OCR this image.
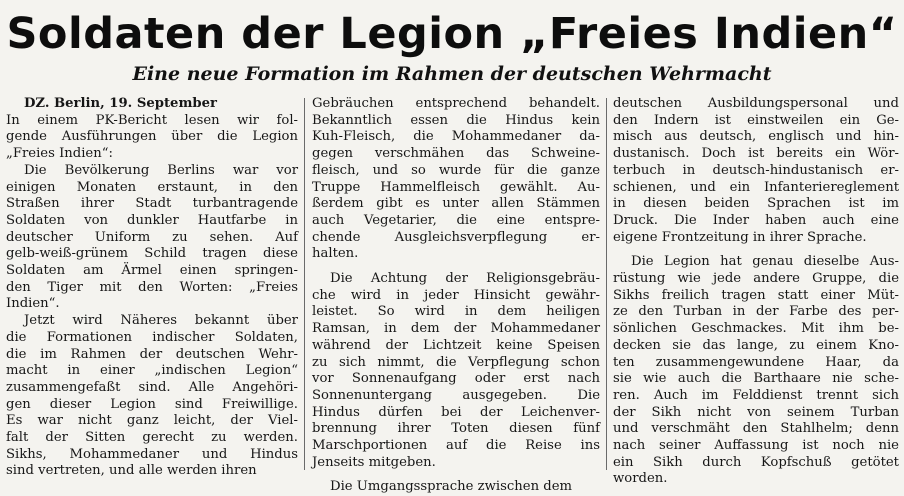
Soldaten der Legion „Freies Indien“
Eine neue Formation im Rahmen der deutschen Wehrmacht
DZ. Berlin, 19. September
In einem PK-Bericht lesen wir fol-
gende Ausführungen über die Legion
„Freies Indien“:
Die Bevölkerung Berlins war vor
einigen Monaten erstaunt, in den
Straßen ihrer Stadt turbantragende
Soldaten von dunkler Hautfarbe in
deutscher Uniform zu sehen. Auf
gelb-weiß-grünem Schild tragen diese
Soldaten am Ärmel einen springen-
den Tiger mit den Worten: „Freies
Indien“.
Jetzt wird Näheres bekannt über
die Formationen indischer Soldaten,
die im Rahmen der deutschen Wehr-
macht in einer „indischen Legion“
zusammengefaßt sind. Alle Angehöri-
gen dieser Legion sind Freiwillige.
Es war nicht ganz leicht, der Viel-
falt der Sitten gerecht zu werden.
Sikhs, Mohammedaner und Hindus
sind vertreten, und alle werden ihren
Gebräuchen entsprechend behandelt.
Bekanntlich essen die Hindus kein
Kuh-Fleisch, die Mohammedaner da-
gegen verschmähen das Schweine-
fleisch, und so wurde für die ganze
Truppe Hammelfleisch gewählt. Au-
ßerdem gibt es unter allen Stämmen
auch Vegetarier, die eine entspre-
chende Ausgleichsverpflegung er-
halten.
Die Achtung der Religionsgebräu-
che wird in jeder Hinsicht gewähr-
leistet. So wird in dem heiligen
Ramsan, in dem der Mohammedaner
während der Lichtzeit keine Speisen
zu sich nimmt, die Verpflegung schon
vor Sonnenaufgang oder erst nach
Sonnenuntergang ausgegeben. Die
Hindus dürfen bei der Leichenver-
brennung ihrer Toten diesen fünf
Marschportionen auf die Reise ins
Jenseits mitgeben.
Die Umgangssprache zwischen dem
deutschen Ausbildungspersonal und
den Indern ist einstweilen ein Ge-
misch aus deutsch, englisch und hin-
dustanisch. Doch ist bereits ein Wör-
terbuch in deutsch-hindustanisch er-
schienen, und ein Infanteriereglement
in diesen beiden Sprachen ist im
Druck. Die Inder haben auch eine
eigene Frontzeitung in ihrer Sprache.
Die Legion hat genau dieselbe Aus-
rüstung wie jede andere Gruppe, die
Sikhs freilich tragen statt einer Müt-
ze den Turban in der Farbe des per-
sönlichen Geschmackes. Mit ihm be-
decken sie das lange, zu einem Kno-
ten zusammengewundene Haar, da
sie wie auch die Barthaare nie sche-
ren. Auch im Felddienst trennt sich
der Sikh nicht von seinem Turban
und verschmäht den Stahlhelm; denn
nach seiner Auffassung ist noch nie
ein Sikh durch Kopfschuß getötet
worden.
